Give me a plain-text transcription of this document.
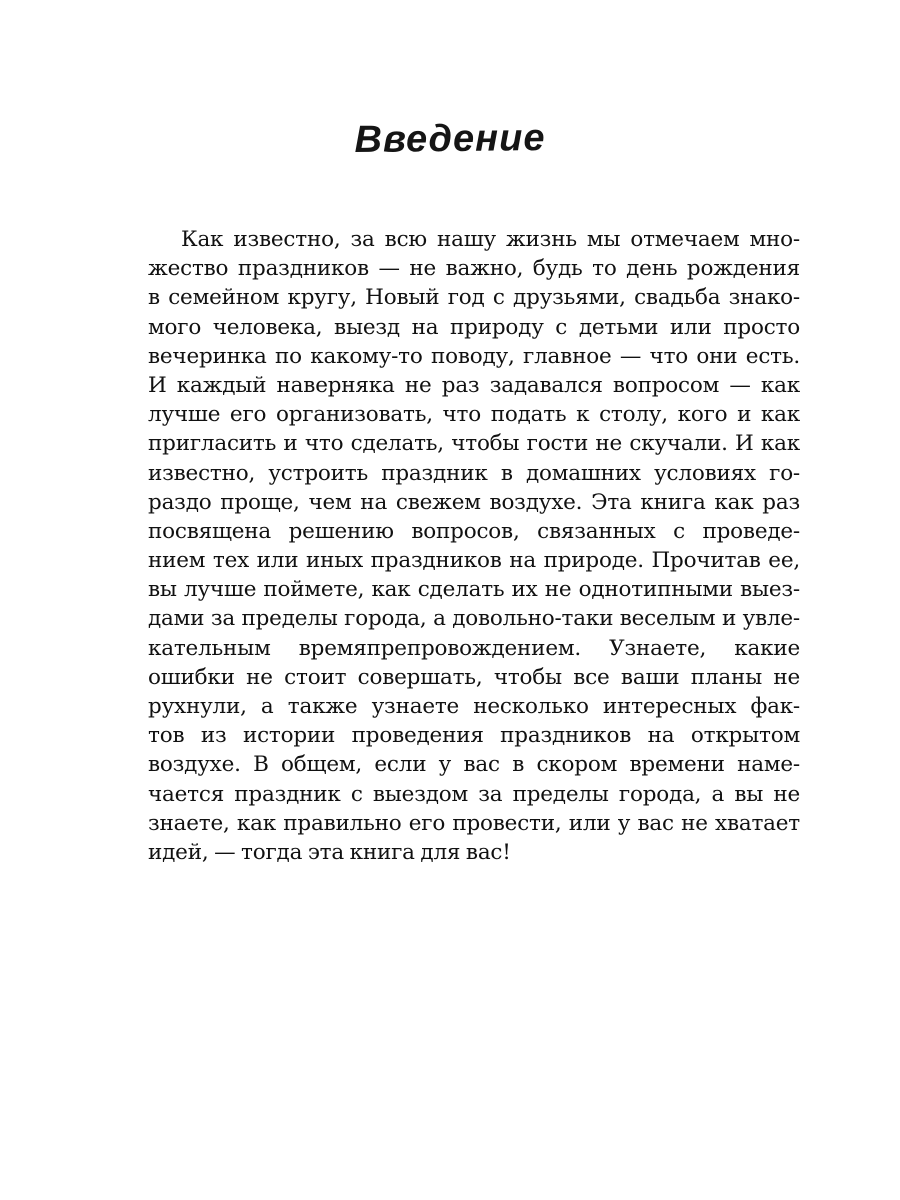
Введение
Как известно, за всю нашу жизнь мы отмечаем мно-
жество праздников — не важно, будь то день рождения
в семейном кругу, Новый год с друзьями, свадьба знако-
мого человека, выезд на природу с детьми или просто
вечеринка по какому-то поводу, главное — что они есть.
И каждый наверняка не раз задавался вопросом — как
лучше его организовать, что подать к столу, кого и как
пригласить и что сделать, чтобы гости не скучали. И как
известно, устроить праздник в домашних условиях го-
раздо проще, чем на свежем воздухе. Эта книга как раз
посвящена решению вопросов, связанных с проведе-
нием тех или иных праздников на природе. Прочитав ее,
вы лучше поймете, как сделать их не однотипными выез-
дами за пределы города, а довольно-таки веселым и увле-
кательным времяпрепровождением. Узнаете, какие
ошибки не стоит совершать, чтобы все ваши планы не
рухнули, а также узнаете несколько интересных фак-
тов из истории проведения праздников на открытом
воздухе. В общем, если у вас в скором времени наме-
чается праздник с выездом за пределы города, а вы не
знаете, как правильно его провести, или у вас не хватает
идей, — тогда эта книга для вас!
